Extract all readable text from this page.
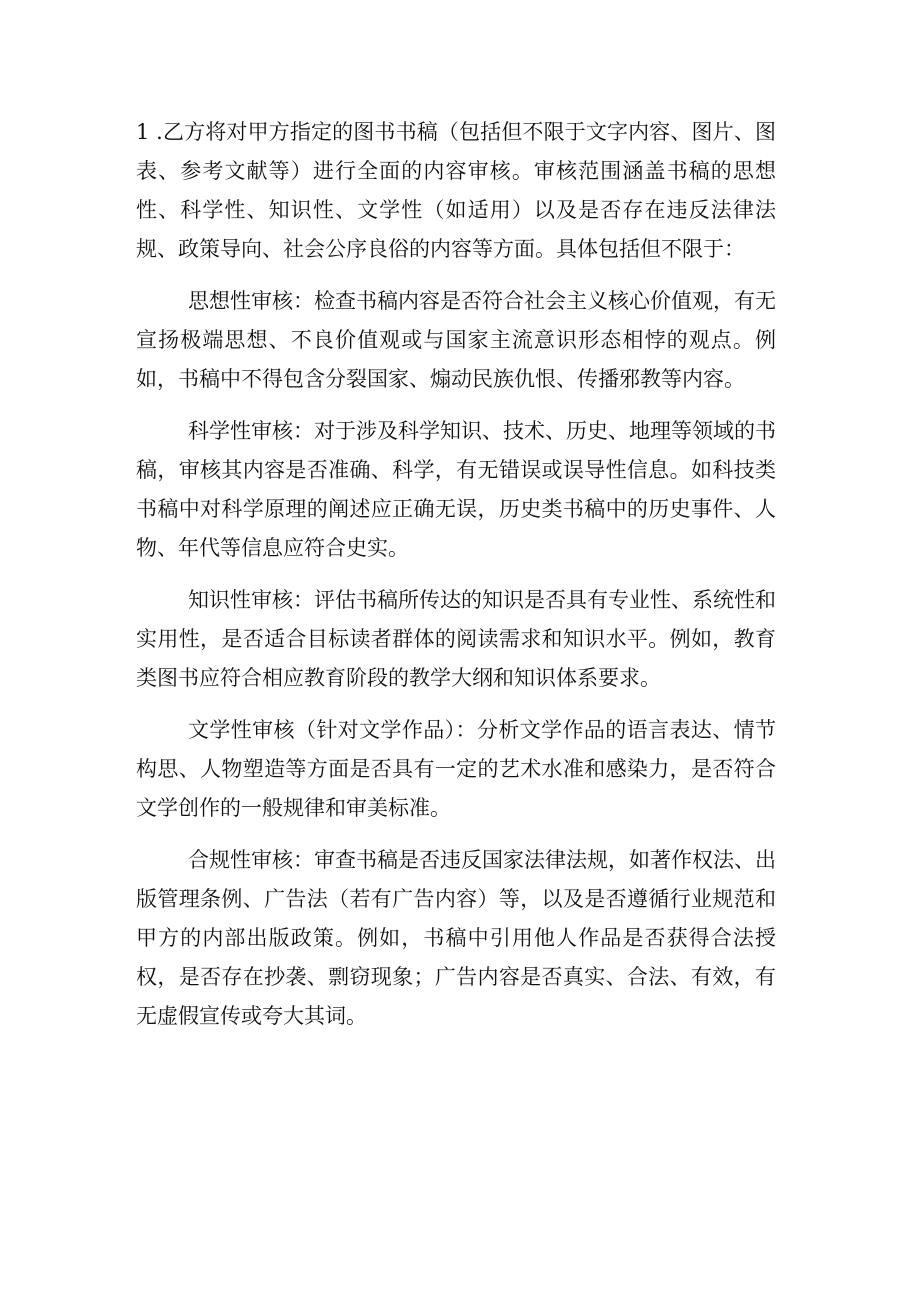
1 .乙方将对甲方指定的图书书稿（包括但不限于文字内容、图片、图表、参考文献等）进行全面的内容审核。审核范围涵盖书稿的思想性、科学性、知识性、文学性（如适用）以及是否存在违反法律法规、政策导向、社会公序良俗的内容等方面。具体包括但不限于：

思想性审核：检查书稿内容是否符合社会主义核心价值观，有无宣扬极端思想、不良价值观或与国家主流意识形态相悖的观点。例如，书稿中不得包含分裂国家、煽动民族仇恨、传播邪教等内容。

科学性审核：对于涉及科学知识、技术、历史、地理等领域的书稿，审核其内容是否准确、科学，有无错误或误导性信息。如科技类书稿中对科学原理的阐述应正确无误，历史类书稿中的历史事件、人物、年代等信息应符合史实。

知识性审核：评估书稿所传达的知识是否具有专业性、系统性和实用性，是否适合目标读者群体的阅读需求和知识水平。例如，教育类图书应符合相应教育阶段的教学大纲和知识体系要求。

文学性审核（针对文学作品）：分析文学作品的语言表达、情节构思、人物塑造等方面是否具有一定的艺术水准和感染力，是否符合文学创作的一般规律和审美标准。

合规性审核：审查书稿是否违反国家法律法规，如著作权法、出版管理条例、广告法（若有广告内容）等，以及是否遵循行业规范和甲方的内部出版政策。例如，书稿中引用他人作品是否获得合法授权，是否存在抄袭、剽窃现象；广告内容是否真实、合法、有效，有无虚假宣传或夸大其词。
